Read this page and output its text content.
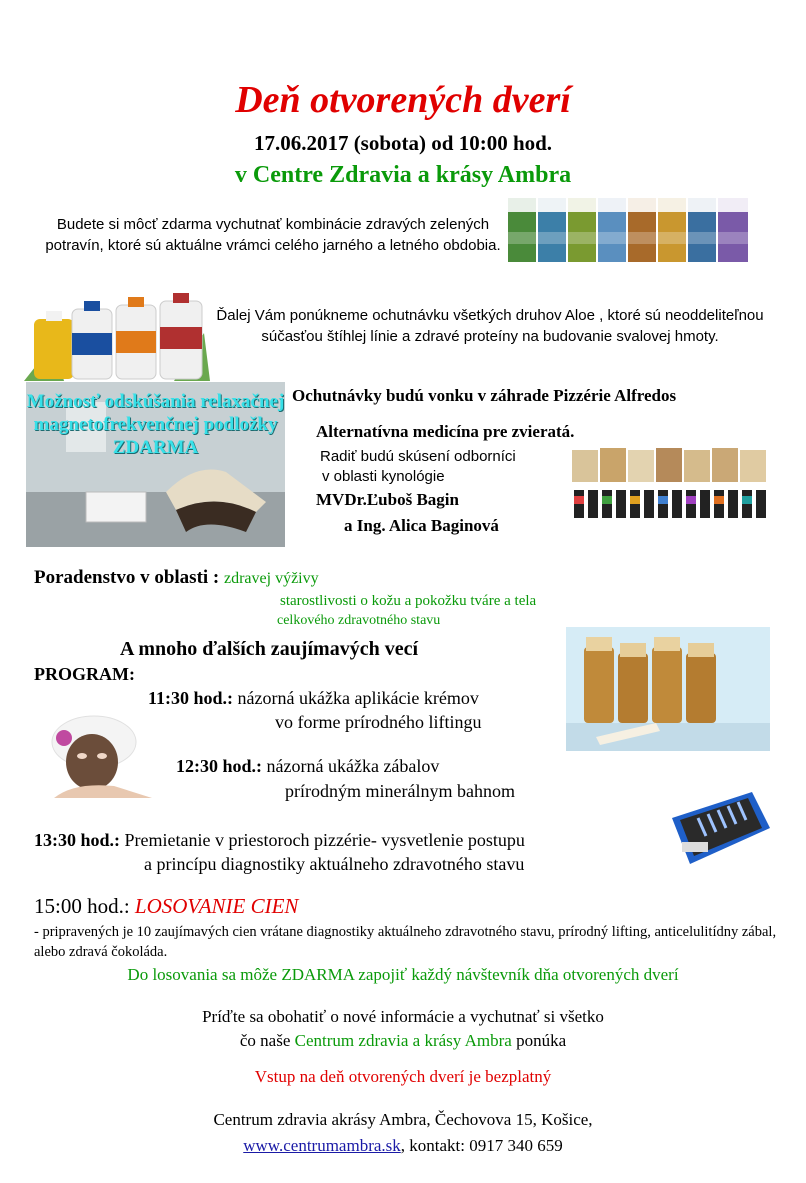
Deň otvorených dverí
17.06.2017 (sobota) od 10:00 hod.
v Centre Zdravia a krásy Ambra
Budete si môcť zdarma vychutnať kombinácie zdravých zelených potravín, ktoré sú aktuálne vrámci celého jarného a letného obdobia.
Ďalej Vám ponúkneme ochutnávku všetkých druhov Aloe , ktoré sú neoddeliteľnou súčasťou štíhlej línie a zdravé proteíny na budovanie svalovej hmoty.
Ochutnávky budú vonku v záhrade Pizzérie Alfredos
Možnosť odskúšania relaxačnej magnetofrekvenčnej podložky ZDARMA
Alternatívna medicína pre zvieratá.
Radiť budú skúsení odborníci
v oblasti kynológie
MVDr.Ľuboš Bagin
a Ing. Alica Baginová
Poradenstvo v oblasti : zdravej výživy
starostlivosti o kožu a pokožku tváre a tela
celkového zdravotného stavu
A mnoho ďalších zaujímavých vecí
PROGRAM:
11:30 hod.: názorná ukážka aplikácie krémov
vo forme prírodného liftingu
12:30 hod.: názorná ukážka zábalov
prírodným minerálnym bahnom
13:30 hod.: Premietanie v priestoroch pizzérie- vysvetlenie postupu
a princípu diagnostiky aktuálneho zdravotného stavu
15:00 hod.: LOSOVANIE CIEN
- pripravených je 10 zaujímavých cien vrátane diagnostiky aktuálneho zdravotného stavu, prírodný lifting, anticelulitídny zábal, alebo zdravá čokoláda.
Do losovania sa môže ZDARMA zapojiť každý návštevník dňa otvorených dverí
Príďte sa obohatiť o nové informácie a vychutnať si všetko
čo naše Centrum zdravia a krásy Ambra ponúka
Vstup na deň otvorených dverí je bezplatný
Centrum zdravia akrásy Ambra, Čechovova 15, Košice,
www.centrumambra.sk, kontakt: 0917 340 659
